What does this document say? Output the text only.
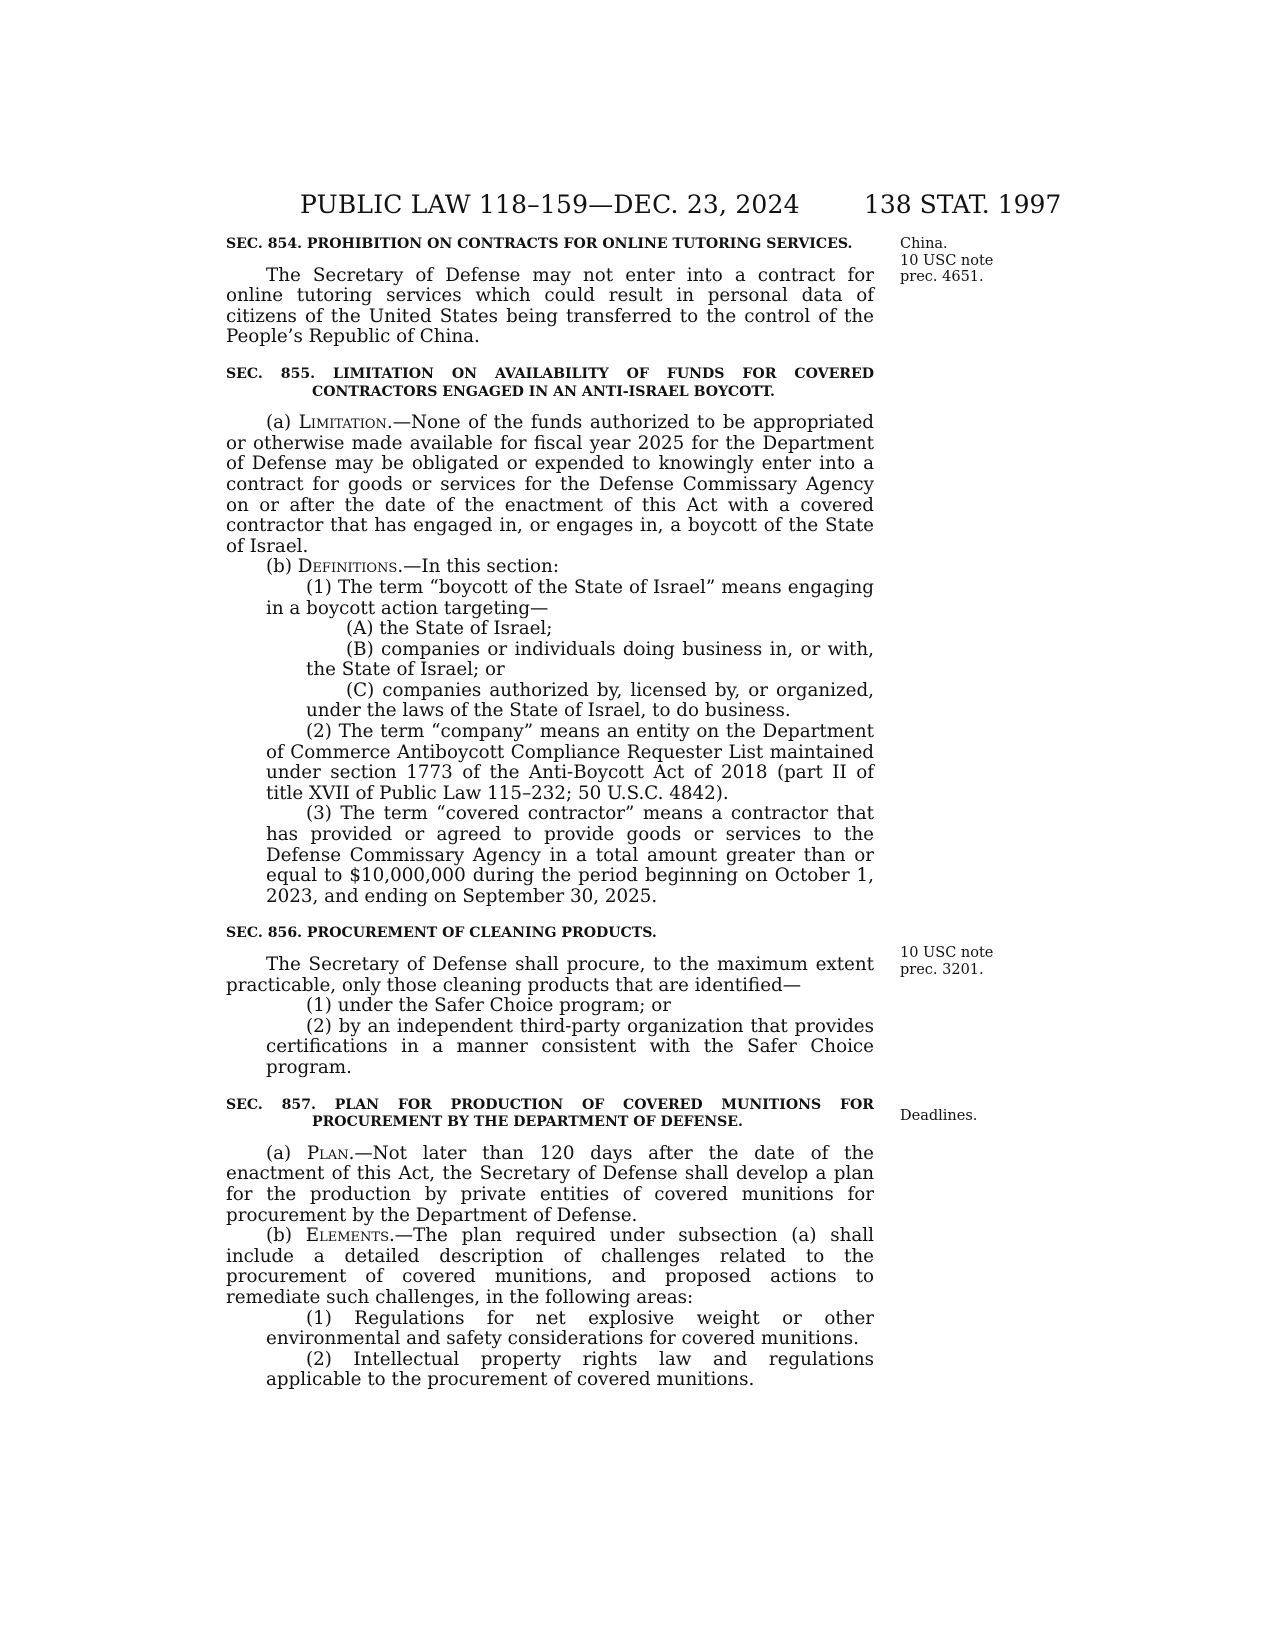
PUBLIC LAW 118–159—DEC. 23, 2024	138 STAT. 1997
China.
10 USC note
prec. 4651.
10 USC note
prec. 3201.
Deadlines.
SEC. 854. PROHIBITION ON CONTRACTS FOR ONLINE TUTORING SERVICES.

The Secretary of Defense may not enter into a contract for online tutoring services which could result in personal data of citizens of the United States being transferred to the control of the People’s Republic of China.

SEC. 855. LIMITATION ON AVAILABILITY OF FUNDS FOR COVERED CONTRACTORS ENGAGED IN AN ANTI-ISRAEL BOYCOTT.

(a) Limitation.—None of the funds authorized to be appropriated or otherwise made available for fiscal year 2025 for the Department of Defense may be obligated or expended to knowingly enter into a contract for goods or services for the Defense Commissary Agency on or after the date of the enactment of this Act with a covered contractor that has engaged in, or engages in, a boycott of the State of Israel.

(b) Definitions.—In this section:

(1) The term “boycott of the State of Israel” means engaging in a boycott action targeting—

(A) the State of Israel;

(B) companies or individuals doing business in, or with, the State of Israel; or

(C) companies authorized by, licensed by, or organized, under the laws of the State of Israel, to do business.

(2) The term “company” means an entity on the Department of Commerce Antiboycott Compliance Requester List maintained under section 1773 of the Anti-Boycott Act of 2018 (part II of title XVII of Public Law 115–232; 50 U.S.C. 4842).

(3) The term “covered contractor” means a contractor that has provided or agreed to provide goods or services to the Defense Commissary Agency in a total amount greater than or equal to $10,000,000 during the period beginning on October 1, 2023, and ending on September 30, 2025.

SEC. 856. PROCUREMENT OF CLEANING PRODUCTS.

The Secretary of Defense shall procure, to the maximum extent practicable, only those cleaning products that are identified—

(1) under the Safer Choice program; or

(2) by an independent third-party organization that provides certifications in a manner consistent with the Safer Choice program.

SEC. 857. PLAN FOR PRODUCTION OF COVERED MUNITIONS FOR PROCUREMENT BY THE DEPARTMENT OF DEFENSE.

(a) Plan.—Not later than 120 days after the date of the enactment of this Act, the Secretary of Defense shall develop a plan for the production by private entities of covered munitions for procurement by the Department of Defense.

(b) Elements.—The plan required under subsection (a) shall include a detailed description of challenges related to the procurement of covered munitions, and proposed actions to remediate such challenges, in the following areas:

(1) Regulations for net explosive weight or other environmental and safety considerations for covered munitions.

(2) Intellectual property rights law and regulations applicable to the procurement of covered munitions.
